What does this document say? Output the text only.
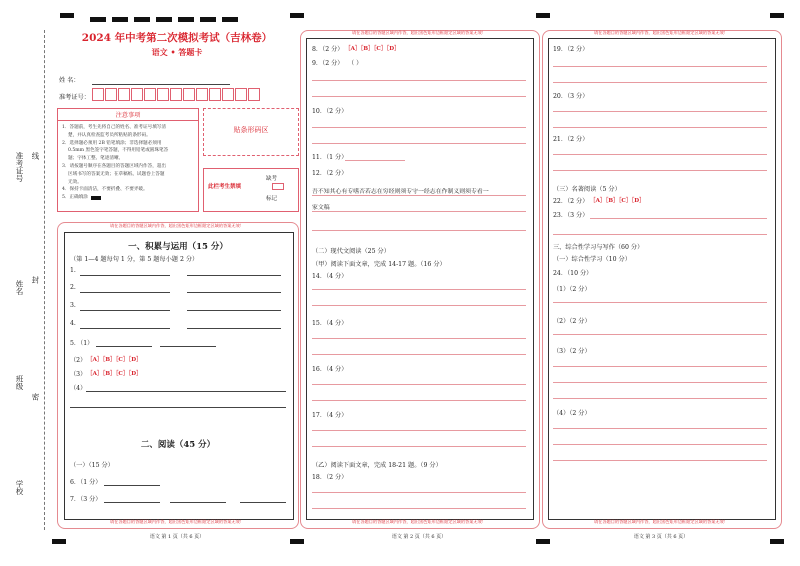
准考证号 线
姓名
封
班级
密
学校
2024 年中考第二次模拟考试（吉林卷）
语文 • 答题卡
姓 名：
准考证号：
注意事项
1．答题前，考生先将自己的姓名、准考证号填写清
楚，并认真检查监考员所粘贴的条形码。
2．选择题必须用 2B 铅笔填涂；非选择题必须用
0.5mm 黑色签字笔答题，不得用铅笔或圆珠笔答
题；字体工整、笔迹清晰。
3．请按题号顺序在各题目的答题区域内作答，超出
区域书写的答案无效；在草稿纸、试题卷上答题
无效。
4．保持卡面清洁，不要折叠、不要弄破。
5．正确填涂
贴条形码区
此栏考生禁填
缺考
标记
请在各题目的答题区域内作答，超出黑色矩形边框限定区域的答案无效！
一、积累与运用（15 分）
（第 1—4 题每句 1 分，第 5 题每小题 2 分）
1.
2.
3.
4.
5．（1）
（2） ［A］［B］［C］［D］
（3） ［A］［B］［C］［D］
（4）
二、阅读（45 分）
（一）（15 分）
6．（1 分）
7．（3 分）
请在各题目的答题区域内作答，超出黑色矩形边框限定区域的答案无效！
语文 第 1 页（共 6 页）
请在各题目的答题区域内作答，超出黑色矩形边框限定区域的答案无效！
8．（2 分） ［A］［B］［C］［D］
9．（2 分） （ ）
10．（2 分）
11．（1 分）
12．（2 分）
吾不知其心有专嗜否若志在穷经则须专守一经志在作制义则须专看一
家文稿
（二）现代文阅读（25 分）
（甲）阅读下面文章，完成 14-17 题。（16 分）
14．（4 分）
15．（4 分）
16．（4 分）
17．（4 分）
（乙）阅读下面文章，完成 18-21 题。（9 分）
18．（2 分）
请在各题目的答题区域内作答，超出黑色矩形边框限定区域的答案无效！
语文 第 2 页（共 6 页）
请在各题目的答题区域内作答，超出黑色矩形边框限定区域的答案无效！
19．（2 分）
20．（3 分）
21．（2 分）
（三）名著阅读（5 分）
22．（2 分） ［A］［B］［C］［D］
23．（3 分）
三、综合性学习与写作（60 分）
（一）综合性学习（10 分）
24．（10 分）
（1）（2 分）
（2）（2 分）
（3）（2 分）
（4）（2 分）
请在各题目的答题区域内作答，超出黑色矩形边框限定区域的答案无效！
语文 第 3 页（共 6 页）
